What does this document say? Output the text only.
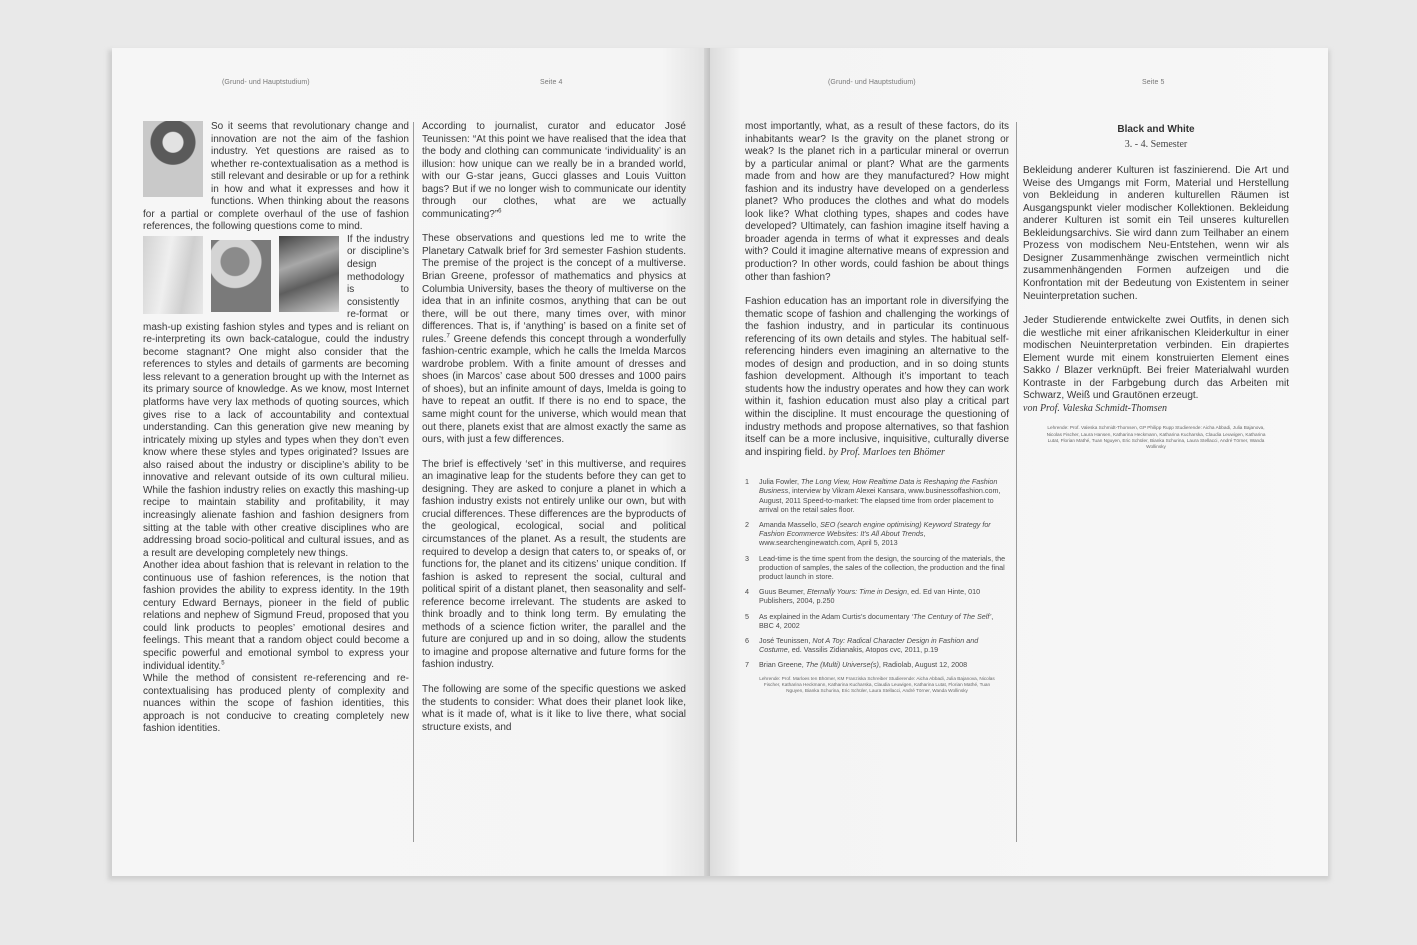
(Grund- und Hauptstudium)	Seite 4

So it seems that revolutionary change and innovation are not the aim of the fashion industry. Yet questions are raised as to whether re-contextualisation as a method is still relevant and desirable or up for a rethink in how and what it expresses and how it functions. When thinking about the reasons for a partial or complete overhaul of the use of fashion references, the following questions come to mind.

If the industry or discipline’s design methodology is to consistently re-format or mash-up existing fashion styles and types and is reliant on re-interpreting its own back-catalogue, could the industry become stagnant? One might also consider that the references to styles and details of garments are becoming less relevant to a generation brought up with the Internet as its primary source of knowledge. As we know, most Internet platforms have very lax methods of quoting sources, which gives rise to a lack of accountability and contextual understanding. Can this generation give new meaning by intricately mixing up styles and types when they don’t even know where these styles and types originated? Issues are also raised about the industry or discipline’s ability to be innovative and relevant outside of its own cultural milieu. While the fashion industry relies on exactly this mashing-up recipe to maintain stability and profitability, it may increasingly alienate fashion and fashion designers from sitting at the table with other creative disciplines who are addressing broad socio-political and cultural issues, and as a result are developing completely new things.

Another idea about fashion that is relevant in relation to the continuous use of fashion references, is the notion that fashion provides the ability to express identity. In the 19th century Edward Bernays, pioneer in the field of public relations and nephew of Sigmund Freud, proposed that you could link products to peoples’ emotional desires and feelings. This meant that a random object could become a specific powerful and emotional symbol to express your individual identity.$^5$

While the method of consistent re-referencing and re-contextualising has produced plenty of complexity and nuances within the scope of fashion identities, this approach is not conducive to creating completely new fashion identities.

According to journalist, curator and educator José Teunissen: “At this point we have realised that the idea that the body and clothing can communicate ‘individuality’ is an illusion: how unique can we really be in a branded world, with our G-star jeans, Gucci glasses and Louis Vuitton bags? But if we no longer wish to communicate our identity through our clothes, what are we actually communicating?”$^6$

These observations and questions led me to write the Planetary Catwalk brief for 3rd semester Fashion students. The premise of the project is the concept of a multiverse. Brian Greene, professor of mathematics and physics at Columbia University, bases the theory of multiverse on the idea that in an infinite cosmos, anything that can be out there, will be out there, many times over, with minor differences. That is, if ‘anything’ is based on a finite set of rules.$^7$ Greene defends this concept through a wonderfully fashion-centric example, which he calls the Imelda Marcos wardrobe problem. With a finite amount of dresses and shoes (in Marcos’ case about 500 dresses and 1000 pairs of shoes), but an infinite amount of days, Imelda is going to have to repeat an outfit. If there is no end to space, the same might count for the universe, which would mean that out there, planets exist that are almost exactly the same as ours, with just a few differences.

The brief is effectively ‘set’ in this multiverse, and requires an imaginative leap for the students before they can get to designing. They are asked to conjure a planet in which a fashion industry exists not entirely unlike our own, but with crucial differences. These differences are the byproducts of the geological, ecological, social and political circumstances of the planet. As a result, the students are required to develop a design that caters to, or speaks of, or functions for, the planet and its citizens’ unique condition. If fashion is asked to represent the social, cultural and political spirit of a distant planet, then seasonality and self-reference become irrelevant. The students are asked to think broadly and to think long term. By emulating the methods of a science fiction writer, the parallel and the future are conjured up and in so doing, allow the students to imagine and propose alternative and future forms for the fashion industry.

The following are some of the specific questions we asked the students to consider: What does their planet look like, what is it made of, what is it like to live there, what social structure exists, and

(Grund- und Hauptstudium)	Seite 5

most importantly, what, as a result of these factors, do its inhabitants wear? Is the gravity on the planet strong or weak? Is the planet rich in a particular mineral or overrun by a particular animal or plant? What are the garments made from and how are they manufactured? How might fashion and its industry have developed on a genderless planet? Who produces the clothes and what do models look like? What clothing types, shapes and codes have developed? Ultimately, can fashion imagine itself having a broader agenda in terms of what it expresses and deals with? Could it imagine alternative means of expression and production? In other words, could fashion be about things other than fashion?

Fashion education has an important role in diversifying the thematic scope of fashion and challenging the workings of the fashion industry, and in particular its continuous referencing of its own details and styles. The habitual self-referencing hinders even imagining an alternative to the modes of design and production, and in so doing stunts fashion development. Although it’s important to teach students how the industry operates and how they can work within it, fashion education must also play a critical part within the discipline. It must encourage the questioning of industry methods and propose alternatives, so that fashion itself can be a more inclusive, inquisitive, culturally diverse and inspiring field. by Prof. Marloes ten Bhömer

1	Julia Fowler, The Long View, How Realtime Data is Reshaping the Fashion Business, interview by Vikram Alexei Kansara, www.businessoffashion.com, August, 2011 Speed-to-market: The elapsed time from order placement to arrival on the retail sales floor.
2	Amanda Massello, SEO (search engine optimising) Keyword Strategy for Fashion Ecommerce Websites: It’s All About Trends, www.searchenginewatch.com, April 5, 2013
3	Lead-time is the time spent from the design, the sourcing of the materials, the production of samples, the sales of the collection, the production and the final product launch in store.
4	Guus Beumer, Eternally Yours: Time in Design, ed. Ed van Hinte, 010 Publishers, 2004, p.250
5	As explained in the Adam Curtis’s documentary ‘The Century of The Self’, BBC 4, 2002
6	José Teunissen, Not A Toy: Radical Character Design in Fashion and Costume, ed. Vassilis Zidianakis, Atopos cvc, 2011, p.19
7	Brian Greene, The (Multi) Universe(s), Radiolab, August 12, 2008
Lehrende: Prof. Marloes ten Bhömer, KM Franziska Schreiber Studierende: Aicha Abbadi, Julia Bajanova, Nicolas Fischer, Katharina Heckmann, Katharina Kucharska, Claudia Leuwigen, Katharina Lutat, Florian Mathé, Tuan Nguyen, Bianka Schurina, Eric Schüler, Laura Stellacci, André Törner, Wanda Wollinsky
Black and White
3. - 4. Semester

Bekleidung anderer Kulturen ist faszinierend. Die Art und Weise des Umgangs mit Form, Material und Herstellung von Bekleidung in anderen kulturellen Räumen ist Ausgangspunkt vieler modischer Kollektionen. Bekleidung anderer Kulturen ist somit ein Teil unseres kulturellen Bekleidungsarchivs. Sie wird dann zum Teilhaber an einem Prozess von modischem Neu-Entstehen, wenn wir als Designer Zusammenhänge zwischen vermeintlich nicht zusammenhängenden Formen aufzeigen und die Konfrontation mit der Bedeutung von Existentem in seiner Neuinterpretation suchen.

Jeder Studierende entwickelte zwei Outfits, in denen sich die westliche mit einer afrikanischen Kleiderkultur in einer modischen Neuinterpretation verbinden. Ein drapiertes Element wurde mit einem konstruierten Element eines Sakko / Blazer verknüpft. Bei freier Materialwahl wurden Kontraste in der Farbgebung durch das Arbeiten mit Schwarz, Weiß und Grautönen erzeugt.

von Prof. Valeska Schmidt-Thomsen
Lehrende: Prof. Valeska Schmidt-Thomsen, GP Philipp Rupp Studierende: Aicha Abbadi, Julia Bajanova, Nicolas Fischer, Laura Hansen, Katharina Heckmann, Katharina Kucharska, Claudia Leuwigen, Katharina Lutat, Florian Mathé, Tuan Nguyen, Eric Schüler, Bianka Schurina, Laura Stellacci, André Törner, Wanda Wollinsky
